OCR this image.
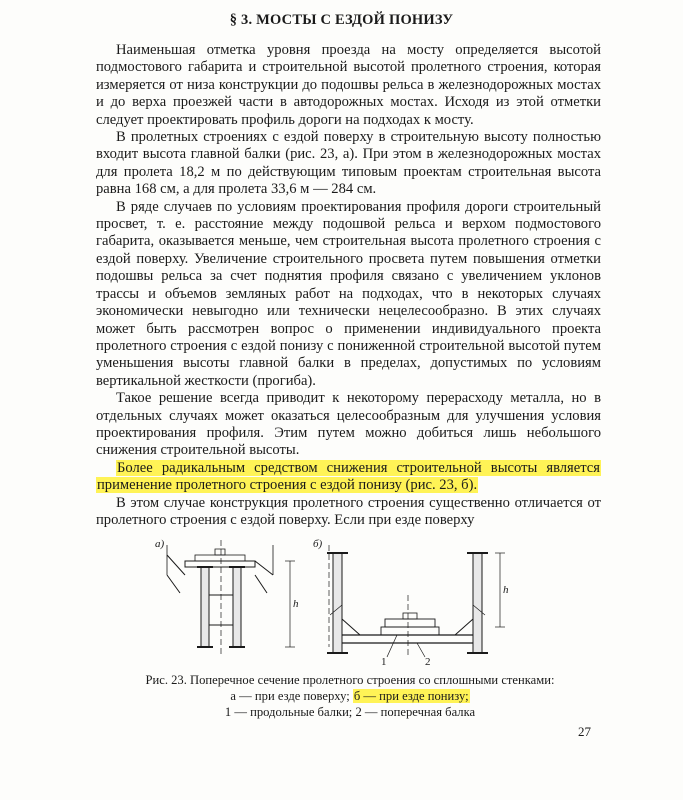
§ 3. МОСТЫ С ЕЗДОЙ ПОНИЗУ

Наименьшая отметка уровня проезда на мосту определяется высотой подмостового габарита и строительной высотой пролетного строения, которая измеряется от низа конструкции до подошвы рельса в железнодорожных мостах и до верха проезжей части в автодорожных мостах. Исходя из этой отметки следует проектировать профиль дороги на подходах к мосту.

В пролетных строениях с ездой поверху в строительную высоту полностью входит высота главной балки (рис. 23, а). При этом в железнодорожных мостах для пролета 18,2 м по действующим типовым проектам строительная высота равна 168 см, а для пролета 33,6 м — 284 см.

В ряде случаев по условиям проектирования профиля дороги строительный просвет, т. е. расстояние между подошвой рельса и верхом подмостового габарита, оказывается меньше, чем строительная высота пролетного строения с ездой поверху. Увеличение строительного просвета путем повышения отметки подошвы рельса за счет поднятия профиля связано с увеличением уклонов трассы и объемов земляных работ на подходах, что в некоторых случаях экономически невыгодно или технически нецелесообразно. В этих случаях может быть рассмотрен вопрос о применении индивидуального проекта пролетного строения с ездой понизу с пониженной строительной высотой путем уменьшения высоты главной балки в пределах, допустимых по условиям вертикальной жесткости (прогиба).

Такое решение всегда приводит к некоторому перерасходу металла, но в отдельных случаях может оказаться целесообразным для улучшения условия проектирования профиля. Этим путем можно добиться лишь небольшого снижения строительной высоты.

Более радикальным средством снижения строительной высоты является применение пролетного строения с ездой понизу (рис. 23, б).

В этом случае конструкция пролетного строения существенно отличается от пролетного строения с ездой поверху. Если при езде поверху

а)	б)
h
h
1	2
Рис. 23. Поперечное сечение пролетного строения со сплошными стенками:
а — при езде поверху; б — при езде понизу;
1 — продольные балки; 2 — поперечная балка
27
